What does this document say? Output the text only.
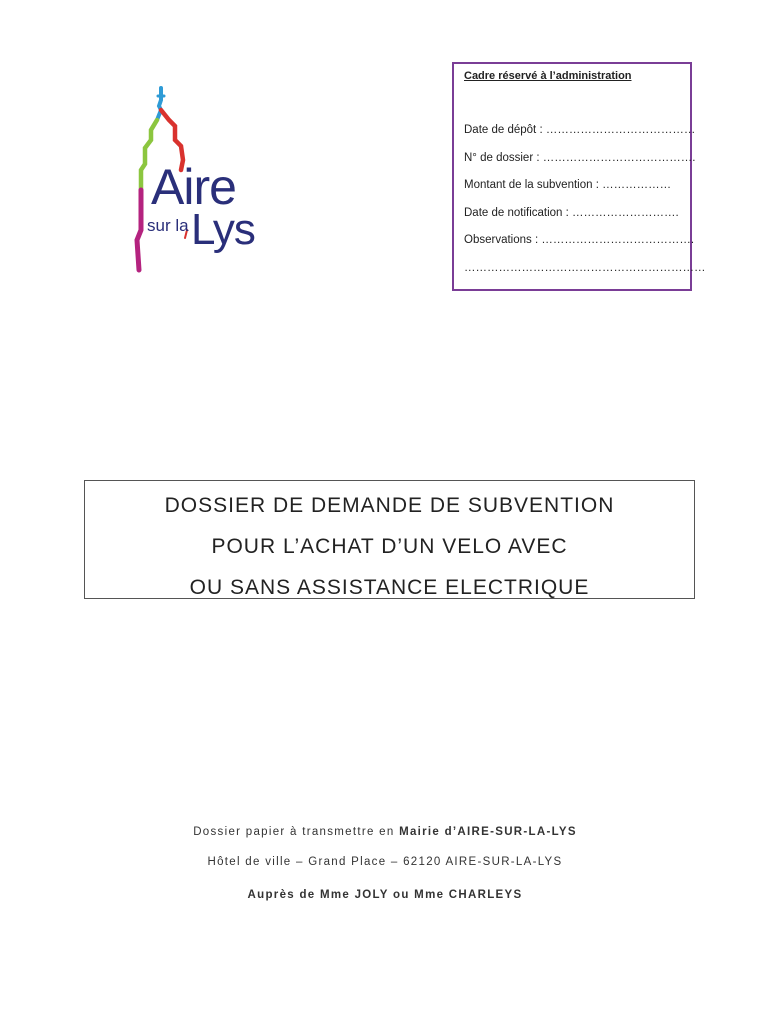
Aire
sur la Lys
Cadre réservé à l’administration
Date de dépôt : …………………………………
N° de dossier : ………………………………….
Montant de la subvention : ………………
Date de notification : ……………………….
Observations : ………………………………….
………………………………………………………
DOSSIER DE DEMANDE DE SUBVENTION
POUR L’ACHAT D’UN VELO AVEC
OU SANS ASSISTANCE ELECTRIQUE
Dossier papier à transmettre en Mairie d’AIRE-SUR-LA-LYS
Hôtel de ville – Grand Place – 62120 AIRE-SUR-LA-LYS
Auprès de Mme JOLY ou Mme CHARLEYS
